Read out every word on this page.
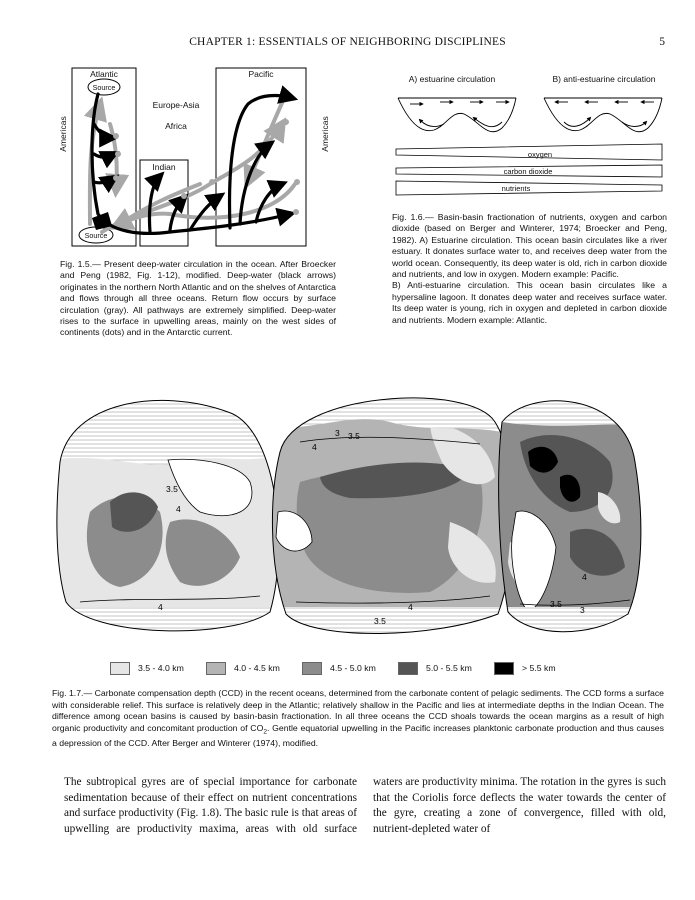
CHAPTER 1: ESSENTIALS OF NEIGHBORING DISCIPLINES	5
Atlantic	Pacific
Europe-Asia
Africa
Indian
Americas	Americas
Source
Source

Fig. 1.5.— Present deep-water circulation in the ocean. After Broecker and Peng (1982, Fig. 1-12), modified. Deep-water (black arrows) originates in the northern North Atlantic and on the shelves of Antarctica and flows through all three oceans. Return flow occurs by surface circulation (gray). All pathways are extremely simplified. Deep-water rises to the surface in upwelling areas, mainly on the west sides of continents (dots) and in the Antarctic current.

A) estuarine circulation	B) anti-estuarine circulation
oxygen
carbon dioxide
nutrients

Fig. 1.6.— Basin-basin fractionation of nutrients, oxygen and carbon dioxide (based on Berger and Winterer, 1974; Broecker and Peng, 1982). A) Estuarine circulation. This ocean basin circulates like a river estuary. It donates surface water to, and receives deep water from the world ocean. Consequently, its deep water is old, rich in carbon dioxide and nutrients, and low in oxygen. Modern example: Pacific.

B) Anti-estuarine circulation. This ocean basin circulates like a hypersaline lagoon. It donates deep water and receives surface water. Its deep water is young, rich in oxygen and depleted in carbon dioxide and nutrients. Modern example: Atlantic.

3 3.5
4
3.5
4
4
3.5
4
4
3.5
3
3.5 - 4.0 km	4.0 - 4.5 km	4.5 - 5.0 km	5.0 - 5.5 km	> 5.5 km

Fig. 1.7.— Carbonate compensation depth (CCD) in the recent oceans, determined from the carbonate content of pelagic sediments. The CCD forms a surface with considerable relief. This surface is relatively deep in the Atlantic; relatively shallow in the Pacific and lies at intermediate depths in the Indian Ocean. The difference among ocean basins is caused by basin-basin fractionation. In all three oceans the CCD shoals towards the ocean margins as a result of high organic productivity and concomitant production of $CO_2$. Gentle equatorial upwelling in the Pacific increases planktonic carbonate production and thus causes a depression of the CCD. After Berger and Winterer (1974), modified.

The subtropical gyres are of special importance for carbonate sedimentation because of their effect on nutrient concentrations and surface productivity (Fig. 1.8). The basic rule is that areas of upwelling are productivity maxima, areas with old surface waters are productivity minima. The rotation in the gyres is such that the Coriolis force deflects the water towards the center of the gyre, creating a zone of convergence, filled with old, nutrient-depleted water of
